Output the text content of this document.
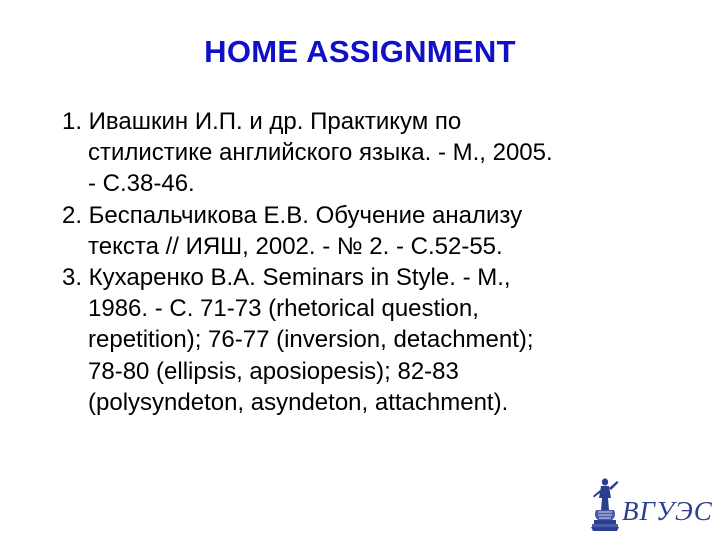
HOME ASSIGNMENT
1. Ивашкин И.П. и др. Практикум по
стилистике английского языка. - М., 2005.
- С.38-46.
2. Беспальчикова Е.В. Обучение анализу
текста // ИЯШ, 2002. - № 2. - С.52-55.
3. Кухаренко В.А. Seminars in Style. - М.,
1986. - С. 71-73 (rhetorical question,
repetition); 76-77 (inversion, detachment);
78-80 (ellipsis, aposiopesis); 82-83
(polysyndeton, asyndeton, attachment).
ВГУЭС
